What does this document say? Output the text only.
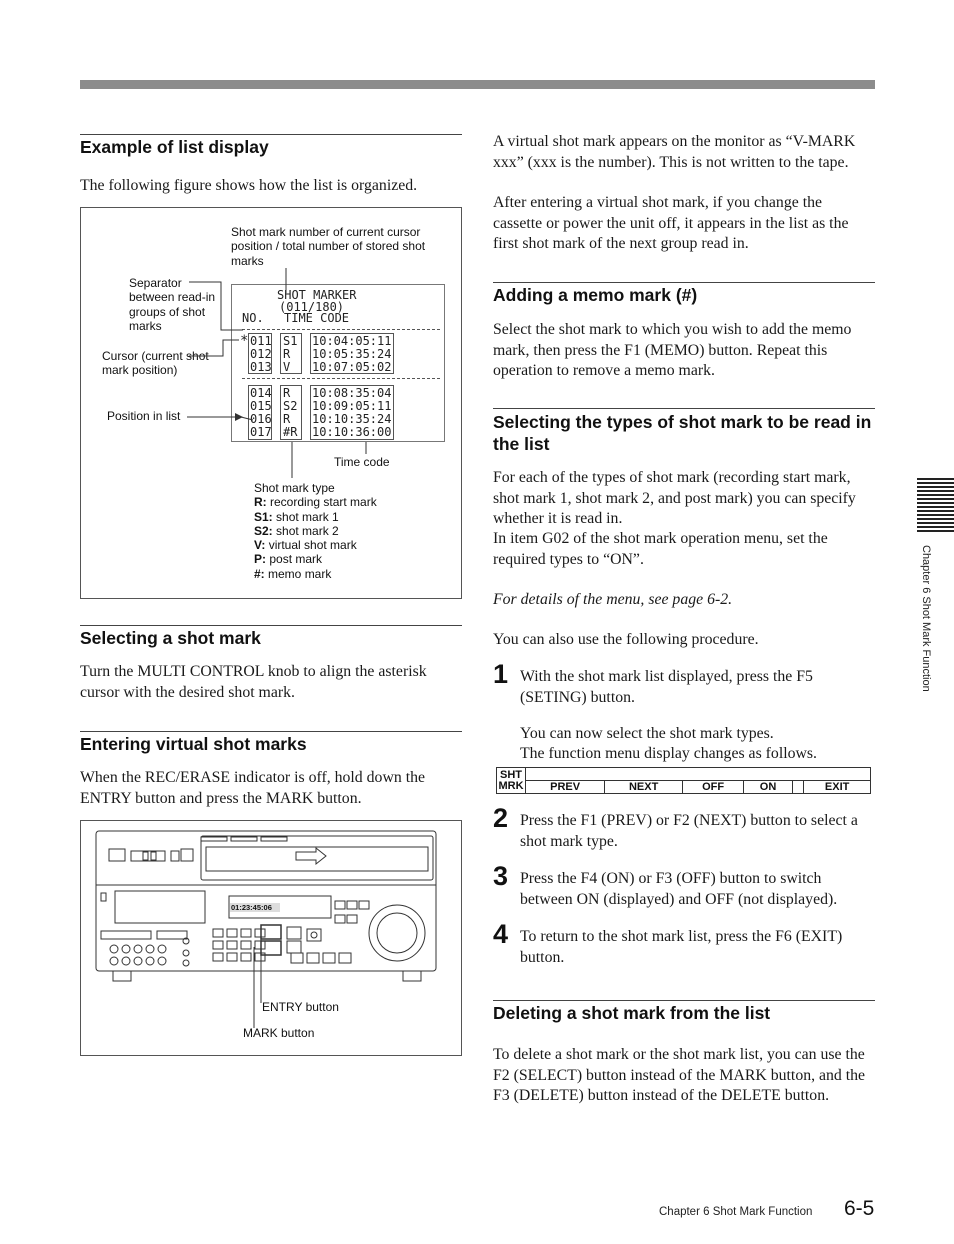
Example of list display

The following figure shows how the list is organized.

Shot mark number of current cursor position / total number of stored shot marks
Separator between read-in groups of shot marks
Cursor (current shot mark position)
Position in list
Time code
Shot mark type
R: recording start mark
S1: shot mark 1
S2: shot mark 2
V: virtual shot mark
P: post mark
#: memo mark
SHOT MARKER
(011/180)
NO. TIME CODE
* 011 S1 10:04:05:11
012 R 10:05:35:24
013 V 10:07:05:02
014 R 10:08:35:04
015 S2 10:09:05:11
016 R 10:10:35:24
017 #R 10:10:36:00
Selecting a shot mark

Turn the MULTI CONTROL knob to align the asterisk cursor with the desired shot mark.

Entering virtual shot marks

When the REC/ERASE indicator is off, hold down the ENTRY button and press the MARK button.

01:23:45:06
ENTRY button
MARK button

A virtual shot mark appears on the monitor as “V-MARK xxx” (xxx is the number). This is not written to the tape.

After entering a virtual shot mark, if you change the cassette or power the unit off, it appears in the list as the first shot mark of the next group read in.

Adding a memo mark (#)

Select the shot mark to which you wish to add the memo mark, then press the F1 (MEMO) button. Repeat this operation to remove a memo mark.

Selecting the types of shot mark to be read in the list

For each of the types of shot mark (recording start mark, shot mark 1, shot mark 2, and post mark) you can specify whether it is read in.

In item G02 of the shot mark operation menu, set the required types to “ON”.

For details of the menu, see page 6-2.

You can also use the following procedure.

1 With the shot mark list displayed, press the F5 (SETING) button.

You can now select the shot mark types.

The function menu display changes as follows.

SHT
MRK						
	PREV	NEXT	OFF	ON		EXIT
2 Press the F1 (PREV) or F2 (NEXT) button to select a shot mark type.

3 Press the F4 (ON) or F3 (OFF) button to switch between ON (displayed) and OFF (not displayed).

4 To return to the shot mark list, press the F6 (EXIT) button.

Deleting a shot mark from the list

To delete a shot mark or the shot mark list, you can use the F2 (SELECT) button instead of the MARK button, and the F3 (DELETE) button instead of the DELETE button.

Chapter 6 Shot Mark Function
Chapter 6 Shot Mark Function 6-5
